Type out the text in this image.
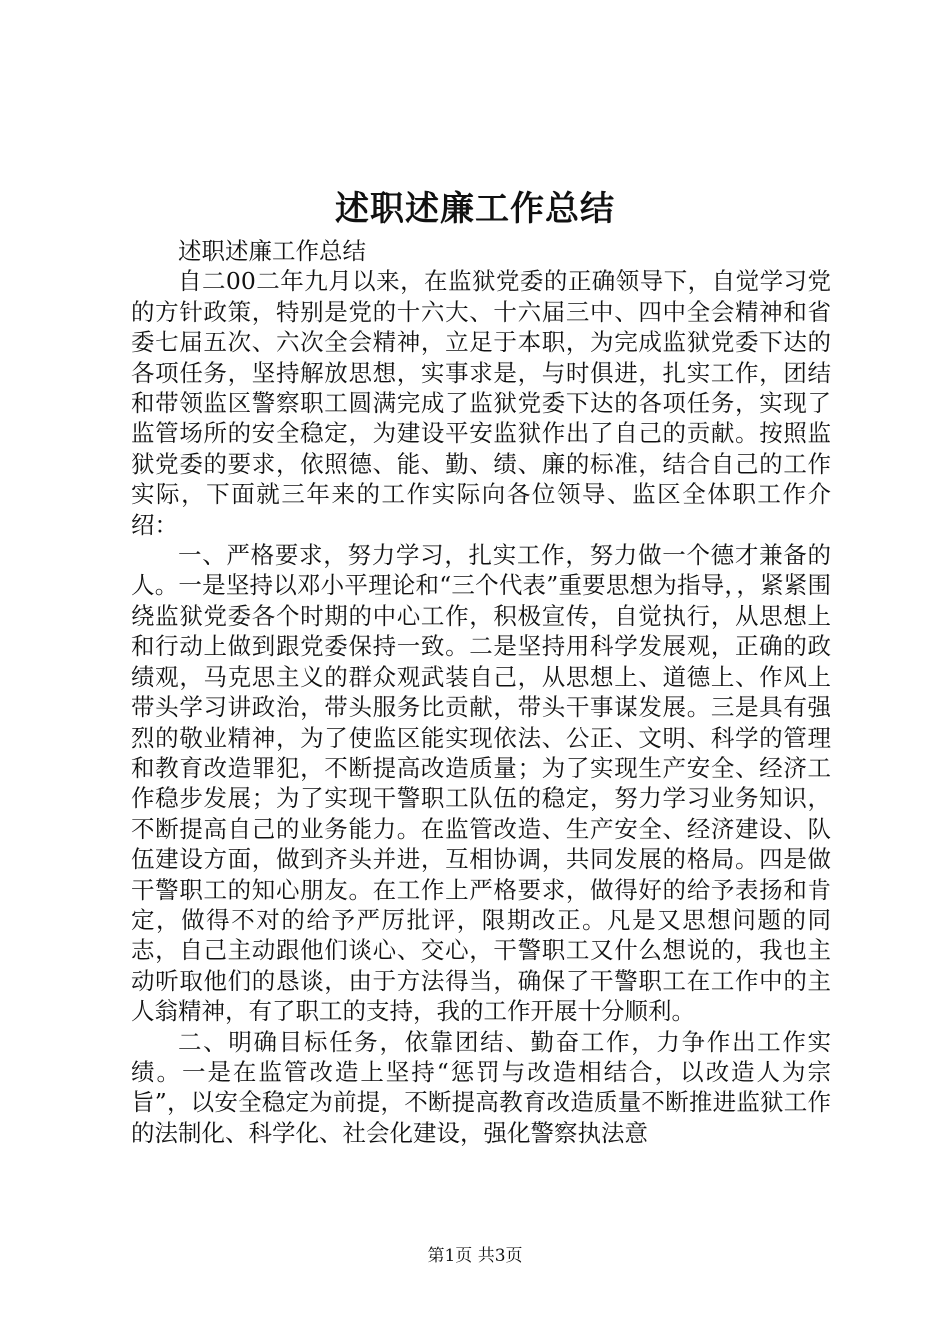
述职述廉工作总结

述职述廉工作总结

自二00二年九月以来，在监狱党委的正确领导下，自觉学习党的方针政策，特别是党的十六大、十六届三中、四中全会精神和省委七届五次、六次全会精神，立足于本职，为完成监狱党委下达的各项任务，坚持解放思想，实事求是，与时俱进，扎实工作，团结和带领监区警察职工圆满完成了监狱党委下达的各项任务，实现了监管场所的安全稳定，为建设平安监狱作出了自己的贡献。按照监狱党委的要求，依照德、能、勤、绩、廉的标准，结合自己的工作实际，下面就三年来的工作实际向各位领导、监区全体职工作介绍：

一、严格要求，努力学习，扎实工作，努力做一个德才兼备的人。一是坚持以邓小平理论和“三个代表”重要思想为指导，，紧紧围绕监狱党委各个时期的中心工作，积极宣传，自觉执行，从思想上和行动上做到跟党委保持一致。二是坚持用科学发展观，正确的政绩观，马克思主义的群众观武装自己，从思想上、道德上、作风上带头学习讲政治，带头服务比贡献，带头干事谋发展。三是具有强烈的敬业精神，为了使监区能实现依法、公正、文明、科学的管理和教育改造罪犯，不断提高改造质量；为了实现生产安全、经济工作稳步发展；为了实现干警职工队伍的稳定，努力学习业务知识，不断提高自己的业务能力。在监管改造、生产安全、经济建设、队伍建设方面，做到齐头并进，互相协调，共同发展的格局。四是做干警职工的知心朋友。在工作上严格要求，做得好的给予表扬和肯定，做得不对的给予严厉批评，限期改正。凡是又思想问题的同志，自己主动跟他们谈心、交心，干警职工又什么想说的，我也主动听取他们的恳谈，由于方法得当，确保了干警职工在工作中的主人翁精神，有了职工的支持，我的工作开展十分顺利。

二、明确目标任务，依靠团结、勤奋工作，力争作出工作实绩。一是在监管改造上坚持“惩罚与改造相结合，以改造人为宗旨”，以安全稳定为前提，不断提高教育改造质量不断推进监狱工作的法制化、科学化、社会化建设，强化警察执法意

第1页 共3页
